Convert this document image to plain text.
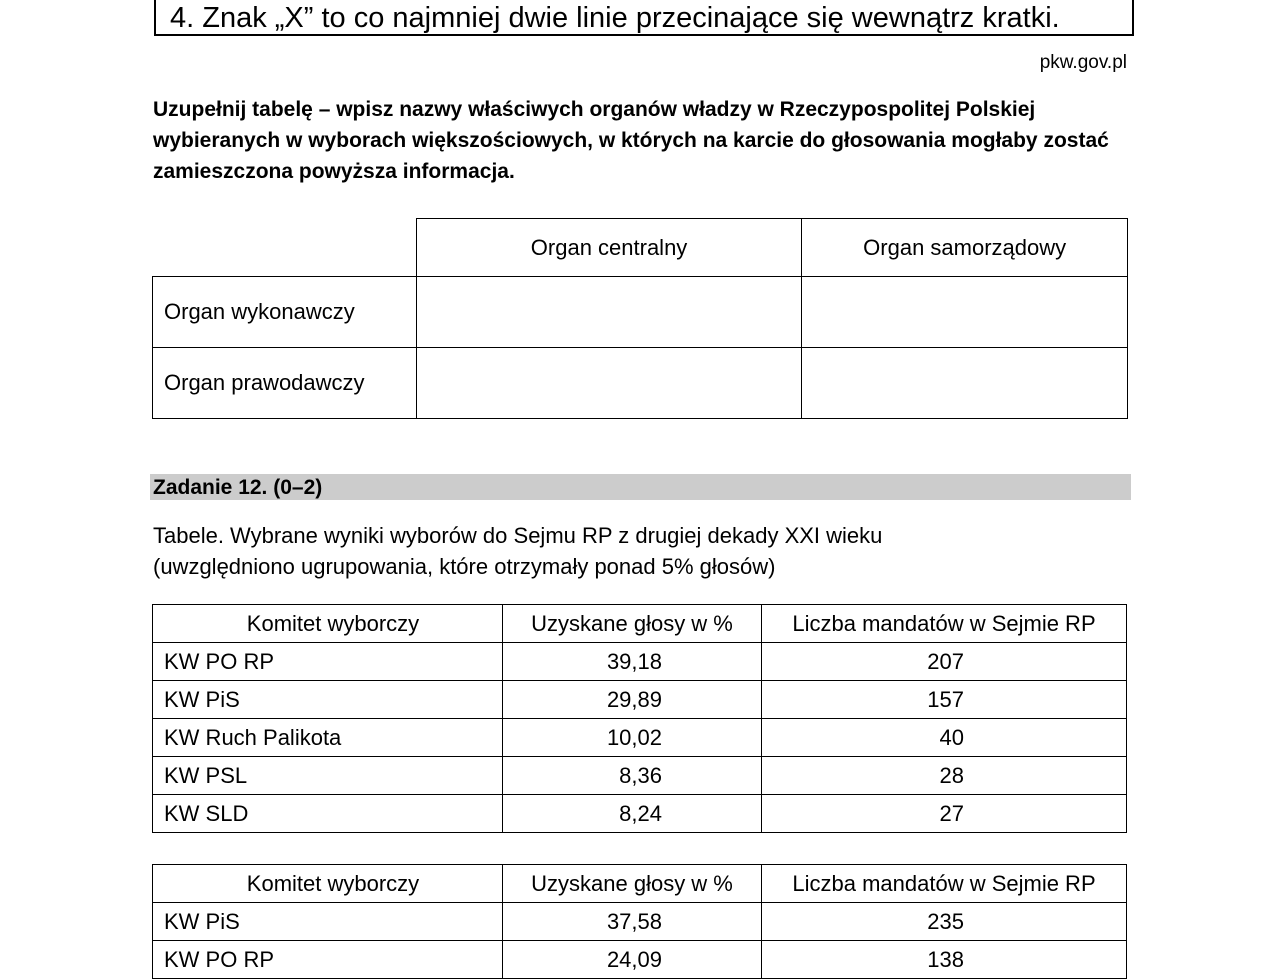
4. Znak „X” to co najmniej dwie linie przecinające się wewnątrz kratki.
pkw.gov.pl
Uzupełnij tabelę – wpisz nazwy właściwych organów władzy w Rzeczypospolitej Polskiej wybieranych w wyborach większościowych, w których na karcie do głosowania mogłaby zostać zamieszczona powyższa informacja.
	Organ centralny	Organ samorządowy
Organ wykonawczy		
Organ prawodawczy		
Zadanie 12. (0–2)
Tabele. Wybrane wyniki wyborów do Sejmu RP z drugiej dekady XXI wieku
(uwzględniono ugrupowania, które otrzymały ponad 5% głosów)
Komitet wyborczy	Uzyskane głosy w %	Liczba mandatów w Sejmie RP
KW PO RP	39,18	207
KW PiS	29,89	157
KW Ruch Palikota	10,02	40
KW PSL	8,36	28
KW SLD	8,24	27
Komitet wyborczy	Uzyskane głosy w %	Liczba mandatów w Sejmie RP
KW PiS	37,58	235
KW PO RP	24,09	138
